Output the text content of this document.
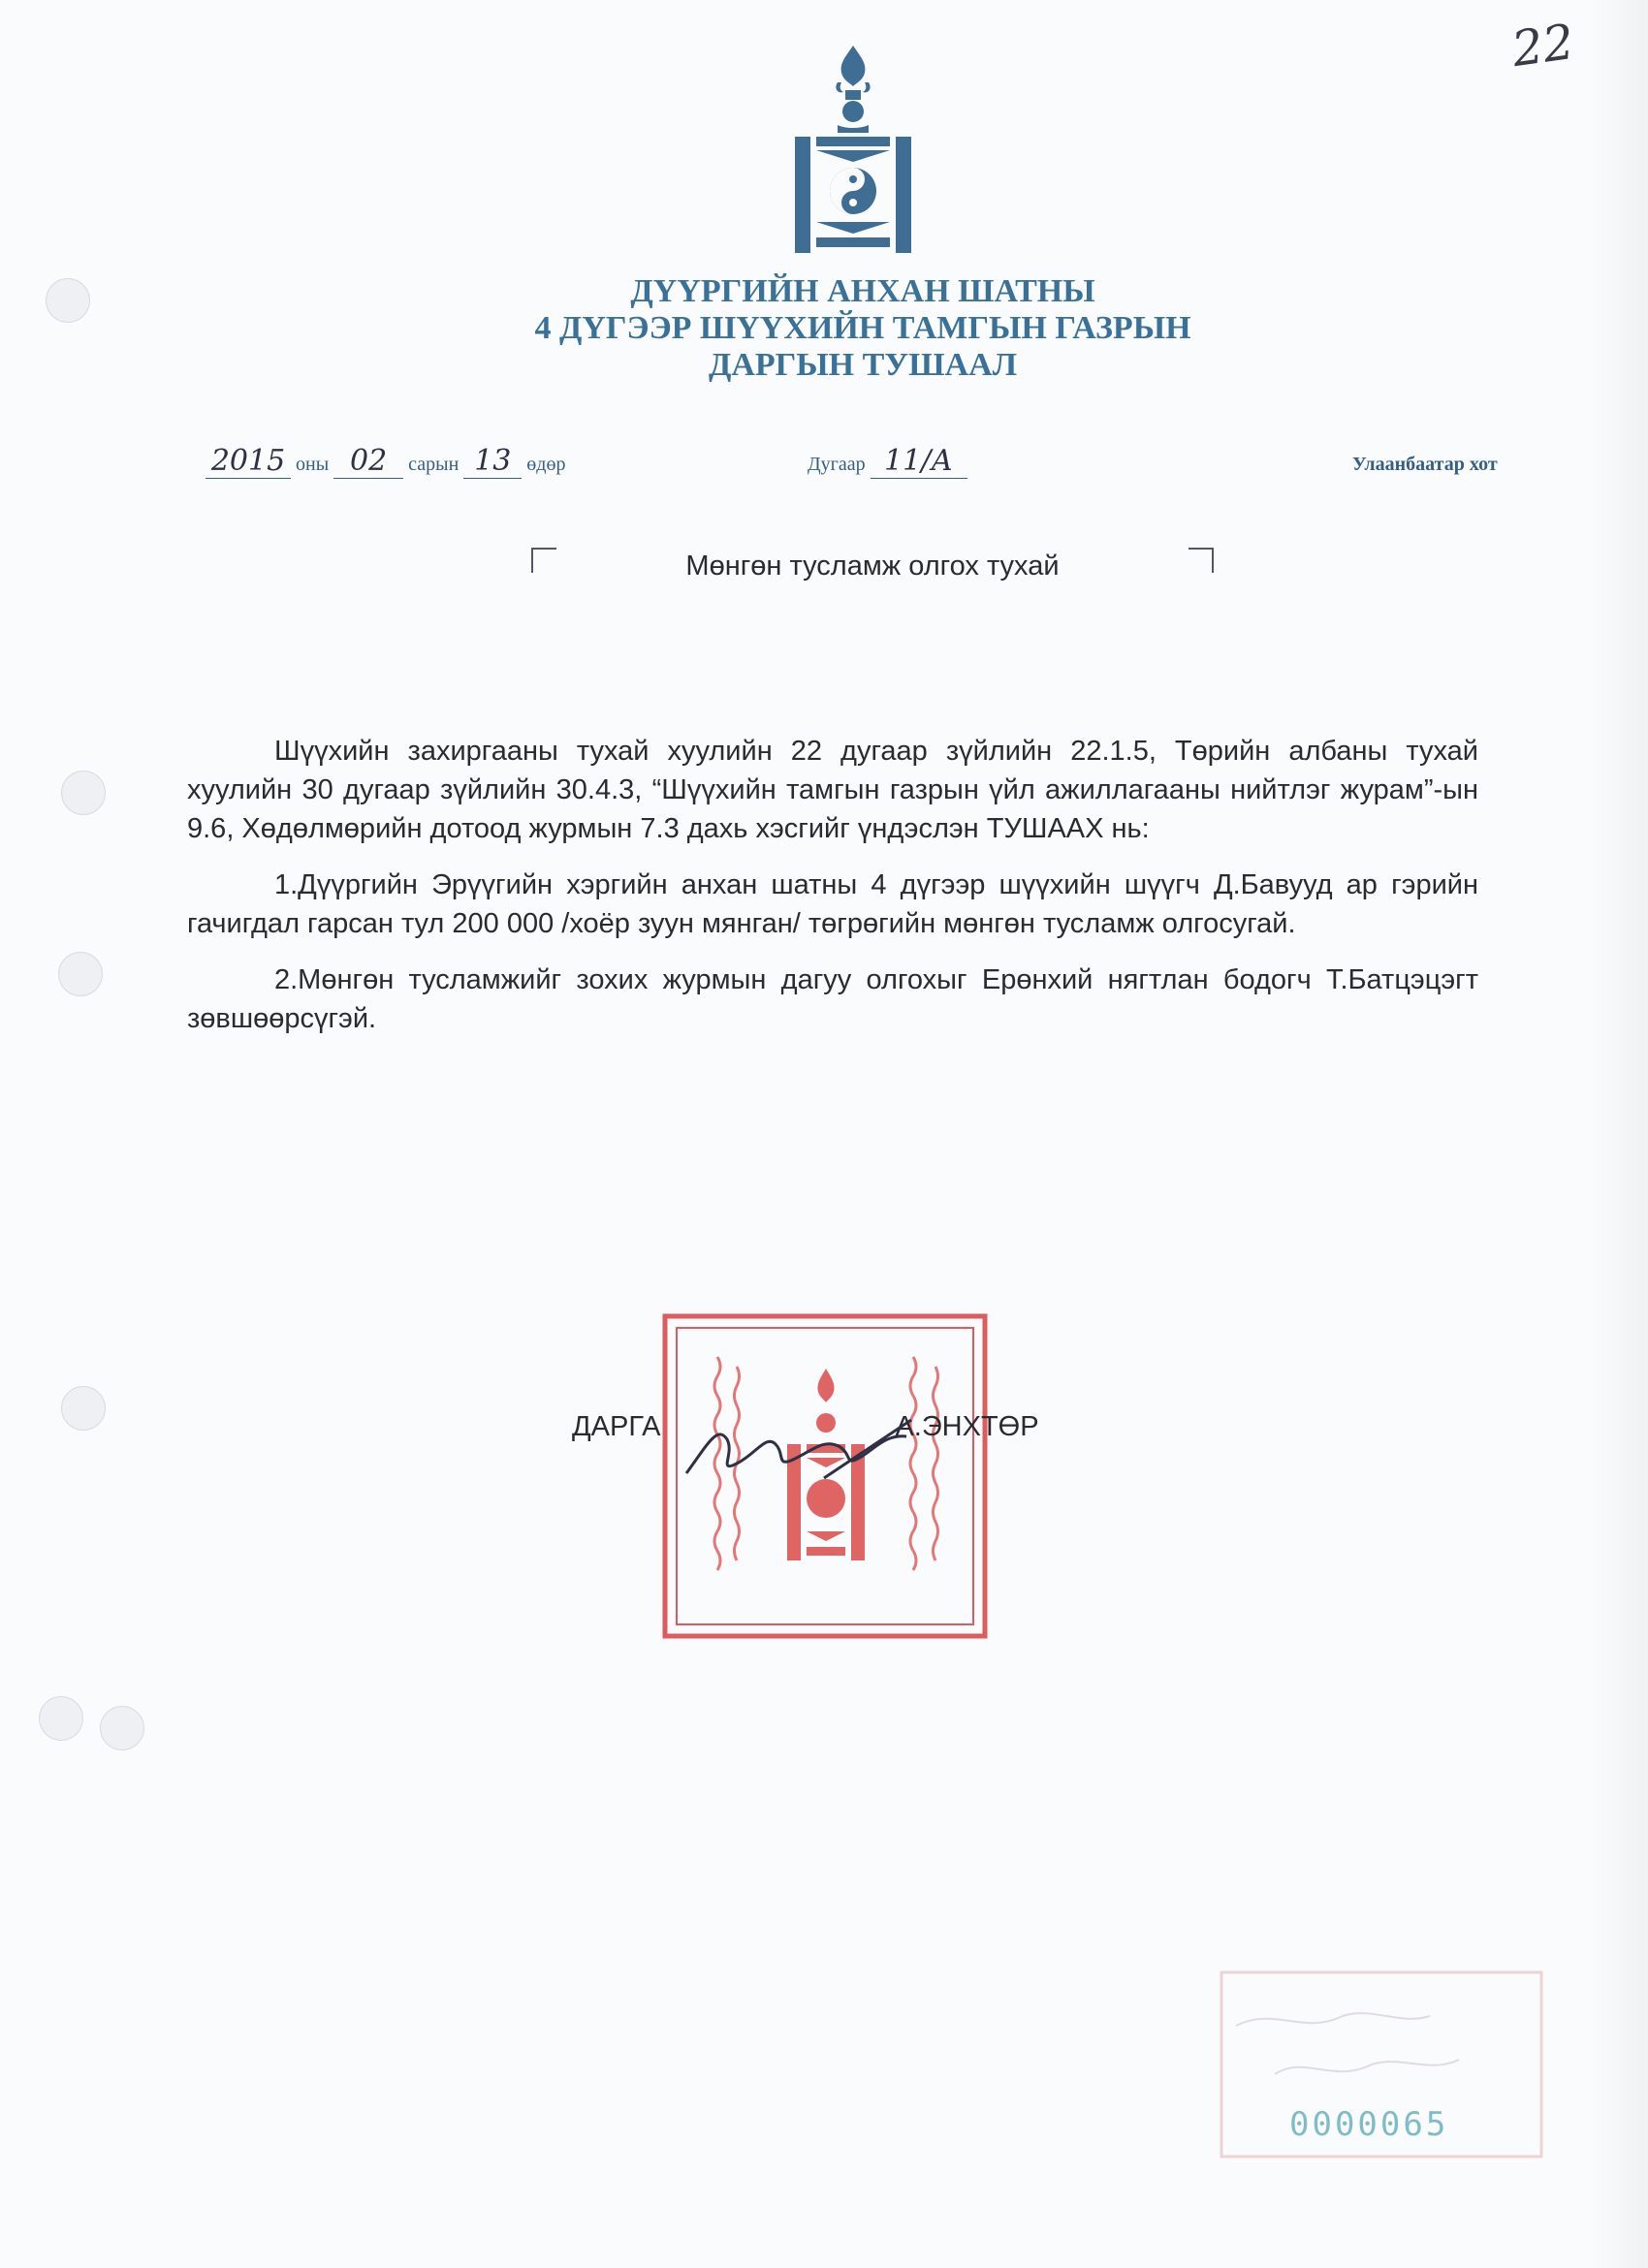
22
ДҮҮРГИЙН АНХАН ШАТНЫ
4 ДҮГЭЭР ШҮҮХИЙН ТАМГЫН ГАЗРЫН
ДАРГЫН ТУШААЛ
2015 оны 02 сарын 13 өдөр	Дугаар 11/А	Улаанбаатар хот
Мөнгөн тусламж олгох тухай

Шүүхийн захиргааны тухай хуулийн 22 дугаар зүйлийн 22.1.5, Төрийн албаны тухай хуулийн 30 дугаар зүйлийн 30.4.3, “Шүүхийн тамгын газрын үйл ажиллагааны нийтлэг журам”-ын 9.6, Хөдөлмөрийн дотоод журмын 7.3 дахь хэсгийг үндэслэн ТУШААХ нь:

1.Дүүргийн Эрүүгийн хэргийн анхан шатны 4 дүгээр шүүхийн шүүгч Д.Бавууд ар гэрийн гачигдал гарсан тул 200 000 /хоёр зуун мянган/ төгрөгийн мөнгөн тусламж олгосугай.

2.Мөнгөн тусламжийг зохих журмын дагуу олгохыг Ерөнхий нягтлан бодогч Т.Батцэцэгт зөвшөөрсүгэй.

ДАРГА	А.ЭНХТӨР
0000065
